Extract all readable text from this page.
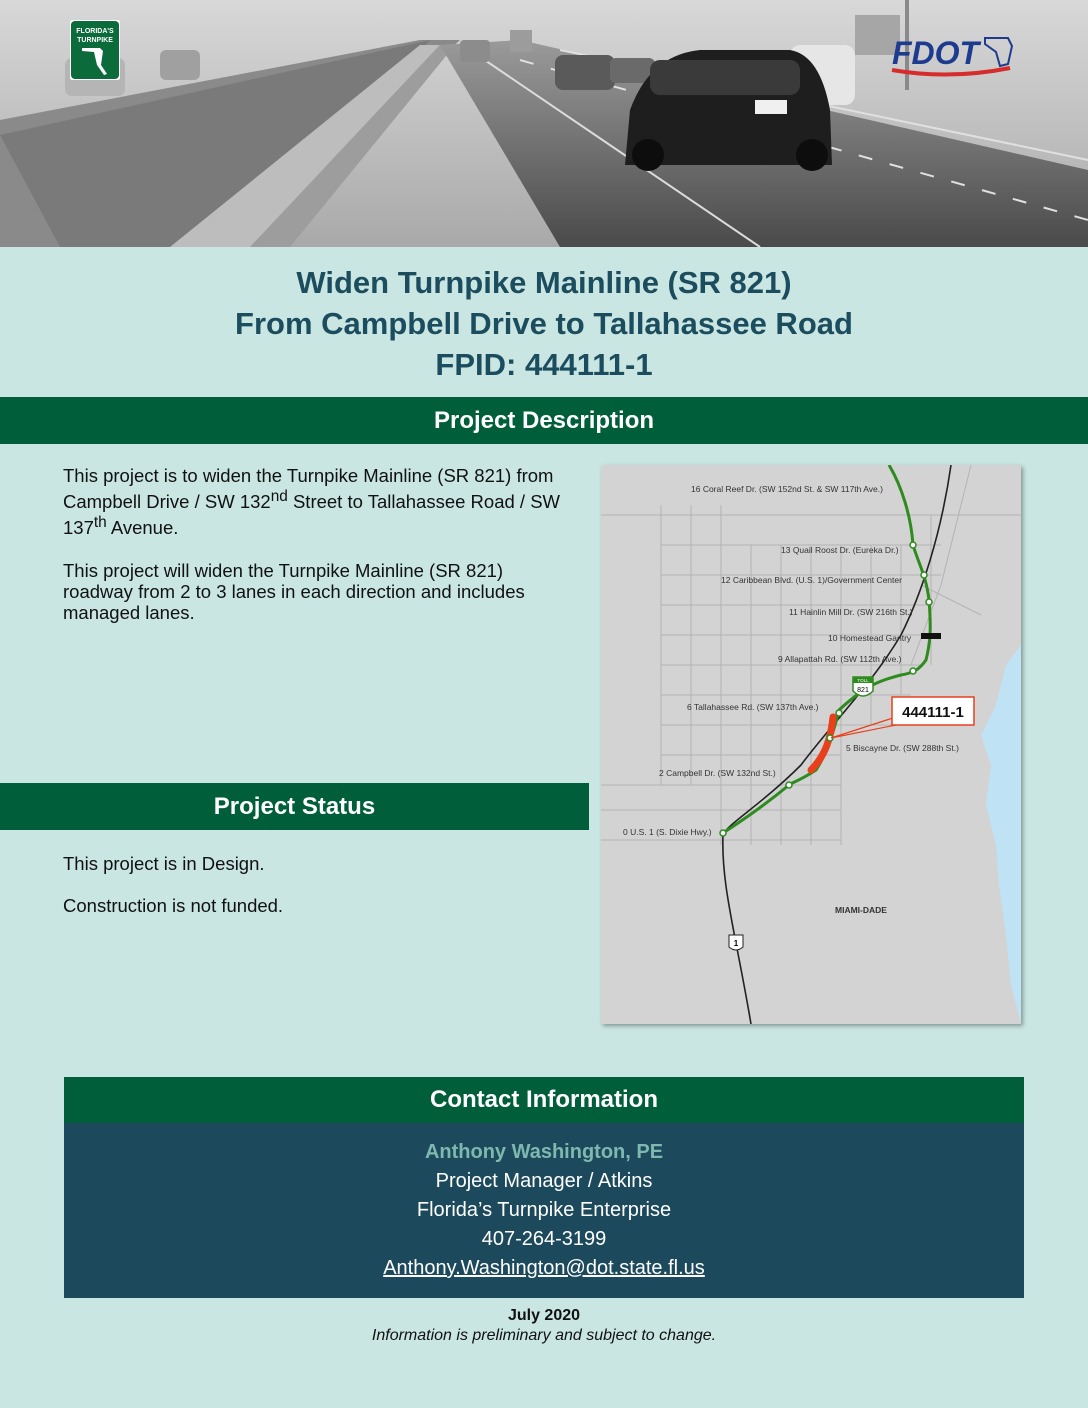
FLORIDA'S
TURNPIKE	FDOT
Widen Turnpike Mainline (SR 821)
From Campbell Drive to Tallahassee Road
FPID: 444111-1
Project Description

This project is to widen the Turnpike Mainline (SR 821) from Campbell Drive / SW 132nd Street to Tallahassee Road / SW 137th Avenue.

This project will widen the Turnpike Mainline (SR 821) roadway from 2 to 3 lanes in each direction and includes managed lanes.

Project Status

This project is in Design.

Construction is not funded.

16 Coral Reef Dr. (SW 152nd St. & SW 117th Ave.)
13 Quail Roost Dr. (Eureka Dr.)
12 Caribbean Blvd. (U.S. 1)/Government Center
11 Hainlin Mill Dr. (SW 216th St.)
10 Homestead Gantry
9 Allapattah Rd. (SW 112th Ave.)
6 Tallahassee Rd. (SW 137th Ave.)
5 Biscayne Dr. (SW 288th St.)
2 Campbell Dr. (SW 132nd St.)
0 U.S. 1 (S. Dixie Hwy.)
MIAMI-DADE
TOLL
821
1
444111-1
Contact Information
Anthony Washington, PE
Project Manager / Atkins
Florida’s Turnpike Enterprise
407-264-3199
Anthony.Washington@dot.state.fl.us
July 2020
Information is preliminary and subject to change.
